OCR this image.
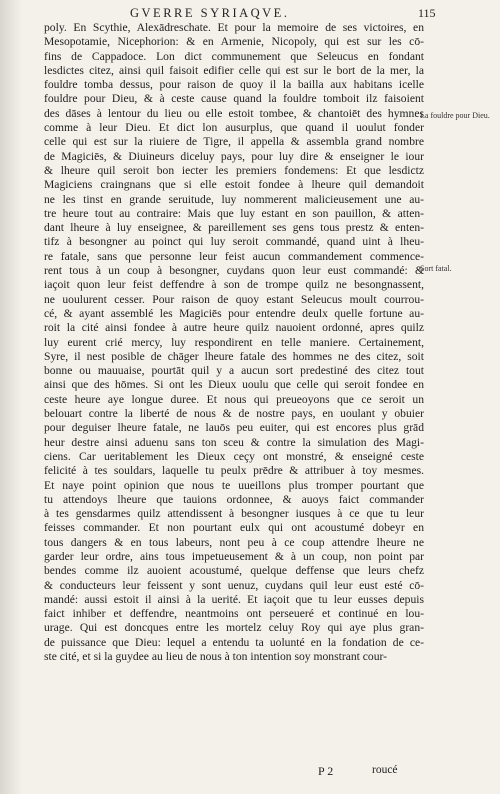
GVERRE SYRIAQVE.	115
poly. En Scythie, Alexādreschate. Et pour la memoire de ses victoires, en
Mesopotamie, Nicephorion: & en Armenie, Nicopoly, qui est sur les cō-
fins de Cappadoce. Lon dict communement que Seleucus en fondant
lesdictes citez, ainsi quil faisoit edifier celle qui est sur le bort de la mer, la
fouldre tomba dessus, pour raison de quoy il la bailla aux habitans icelle
fouldre pour Dieu, & à ceste cause quand la fouldre tomboit ilz faisoient
des dāses à lentour du lieu ou elle estoit tombee, & chantoiēt des hymnes
comme à leur Dieu. Et dict lon ausurplus, que quand il uoulut fonder
celle qui est sur la riuiere de Tigre, il appella & assembla grand nombre
de Magiciēs, & Diuineurs diceluy pays, pour luy dire & enseigner le iour
& lheure quil seroit bon iecter les premiers fondemens: Et que lesdictz
Magiciens craingnans que si elle estoit fondee à lheure quil demandoit
ne les tinst en grande seruitude, luy nommerent malicieusement une au-
tre heure tout au contraire: Mais que luy estant en son pauillon, & atten-
dant lheure à luy enseignee, & pareillement ses gens tous prestz & enten-
tifz à besongner au poinct qui luy seroit commandé, quand uint à lheu-
re fatale, sans que personne leur feist aucun commandement commence-
rent tous à un coup à besongner, cuydans quon leur eust commandé: &
iaçoit quon leur feist deffendre à son de trompe quilz ne besongnassent,
ne uoulurent cesser. Pour raison de quoy estant Seleucus moult courrou-
cé, & ayant assemblé les Magiciēs pour entendre deulx quelle fortune au-
roit la cité ainsi fondee à autre heure quilz nauoient ordonné, apres quilz
luy eurent crié mercy, luy respondirent en telle maniere. Certainement,
Syre, il nest posible de chāger lheure fatale des hommes ne des citez, soit
bonne ou mauuaise, pourtāt quil y a aucun sort predestiné des citez tout
ainsi que des hōmes. Si ont les Dieux uoulu que celle qui seroit fondee en
ceste heure aye longue duree. Et nous qui preueoyons que ce seroit un
belouart contre la liberté de nous & de nostre pays, en uoulant y obuier
pour deguiser lheure fatale, ne lauōs peu euiter, qui est encores plus grād
heur destre ainsi aduenu sans ton sceu & contre la simulation des Magi-
ciens. Car ueritablement les Dieux ceçy ont monstré, & enseigné ceste
felicité à tes souldars, laquelle tu peulx prēdre & attribuer à toy mesmes.
Et naye point opinion que nous te uueillons plus tromper pourtant que
tu attendoys lheure que tauions ordonnee, & auoys faict commander
à tes gensdarmes quilz attendissent à besongner iusques à ce que tu leur
feisses commander. Et non pourtant eulx qui ont acoustumé dobeyr en
tous dangers & en tous labeurs, nont peu à ce coup attendre lheure ne
garder leur ordre, ains tous impetueusement & à un coup, non point par
bendes comme ilz auoient acoustumé, quelque deffense que leurs chefz
& conducteurs leur feissent y sont uenuz, cuydans quil leur eust esté cō-
mandé: aussi estoit il ainsi à la uerité. Et iaçoit que tu leur eusses depuis
faict inhiber et deffendre, neantmoins ont perseueré et continué en lou-
urage. Qui est doncques entre les mortelz celuy Roy qui aye plus gran-
de puissance que Dieu: lequel a entendu ta uolunté en la fondation de ce-
ste cité, et si la guydee au lieu de nous à ton intention soy monstrant cour-
La fouldre pour Dieu.
Sort fatal.
P 2	roucé
